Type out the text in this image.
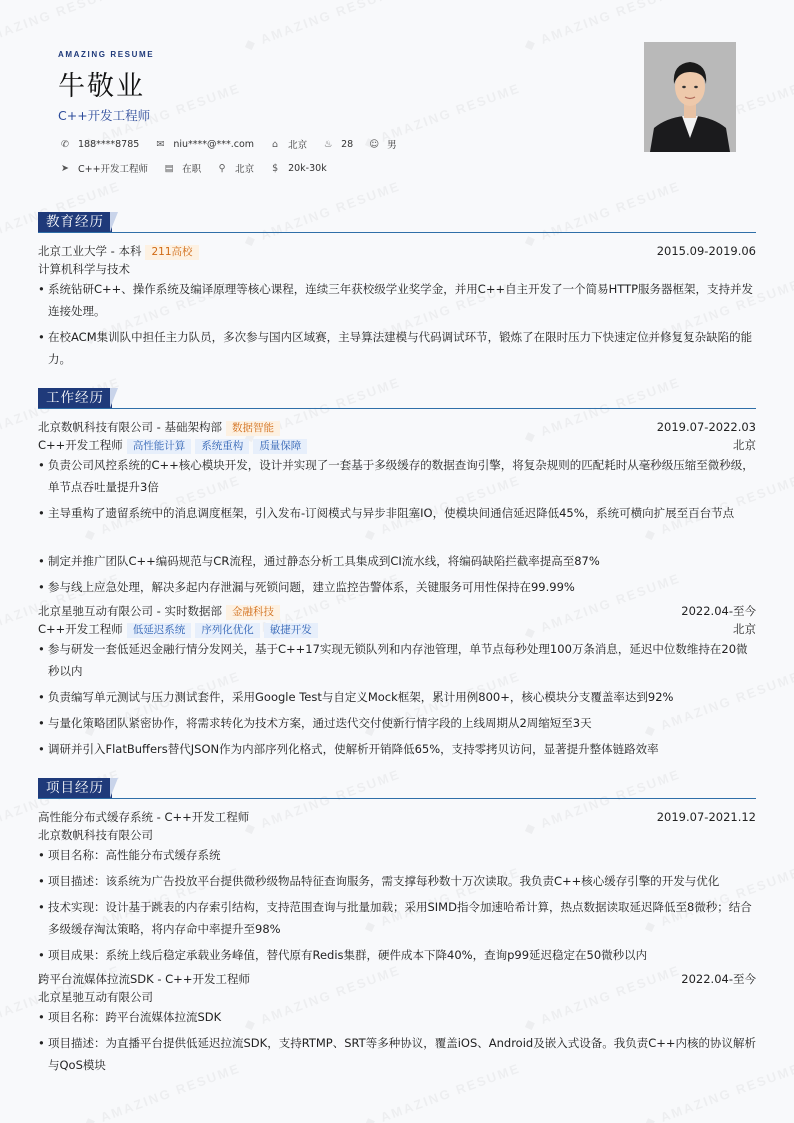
AMAZING RESUME
牛敬业
C++开发工程师
✆ 188****8785	✉ niu****@***.com	⌂	北京 ♨ 28 ☺ 男
➤ C++开发工程师 ▤ 在职	⚲	北京	$	20k-30k
教育经历
北京工业大学 - 本科 211高校	2015.09-2019.06
计算机科学与技术
• 系统钻研C++、操作系统及编译原理等核心课程，连续三年获校级学业奖学金，并用C++自主开发了一个简易HTTP服务器框架，支持并发连接处理。
• 在校ACM集训队中担任主力队员，多次参与国内区域赛，主导算法建模与代码调试环节，锻炼了在限时压力下快速定位并修复复杂缺陷的能力。
工作经历
北京数帆科技有限公司 - 基础架构部 数据智能	2019.07-2022.03
C++开发工程师 高性能计算 系统重构 质量保障	北京
• 负责公司风控系统的C++核心模块开发，设计并实现了一套基于多级缓存的数据查询引擎，将复杂规则的匹配耗时从毫秒级压缩至微秒级，单节点吞吐量提升3倍
• 主导重构了遗留系统中的消息调度框架，引入发布-订阅模式与异步非阻塞IO，使模块间通信延迟降低45%，系统可横向扩展至百台节点
• 制定并推广团队C++编码规范与CR流程，通过静态分析工具集成到CI流水线，将编码缺陷拦截率提高至87%
• 参与线上应急处理，解决多起内存泄漏与死锁问题，建立监控告警体系，关键服务可用性保持在99.99%
北京星驰互动有限公司 - 实时数据部 金融科技	2022.04-至今
C++开发工程师 低延迟系统 序列化优化 敏捷开发	北京
• 参与研发一套低延迟金融行情分发网关，基于C++17实现无锁队列和内存池管理，单节点每秒处理100万条消息，延迟中位数维持在20微秒以内
• 负责编写单元测试与压力测试套件，采用Google Test与自定义Mock框架，累计用例800+，核心模块分支覆盖率达到92%
• 与量化策略团队紧密协作，将需求转化为技术方案，通过迭代交付使新行情字段的上线周期从2周缩短至3天
• 调研并引入FlatBuffers替代JSON作为内部序列化格式，使解析开销降低65%，支持零拷贝访问，显著提升整体链路效率
项目经历
高性能分布式缓存系统 - C++开发工程师	2019.07-2021.12
北京数帆科技有限公司
• 项目名称：高性能分布式缓存系统
• 项目描述：该系统为广告投放平台提供微秒级物品特征查询服务，需支撑每秒数十万次读取。我负责C++核心缓存引擎的开发与优化
• 技术实现：设计基于跳表的内存索引结构，支持范围查询与批量加载；采用SIMD指令加速哈希计算，热点数据读取延迟降低至8微秒；结合多级缓存淘汰策略，将内存命中率提升至98%
• 项目成果：系统上线后稳定承载业务峰值，替代原有Redis集群，硬件成本下降40%，查询p99延迟稳定在50微秒以内
跨平台流媒体拉流SDK - C++开发工程师	2022.04-至今
北京星驰互动有限公司
• 项目名称：跨平台流媒体拉流SDK
• 项目描述：为直播平台提供低延迟拉流SDK，支持RTMP、SRT等多种协议，覆盖iOS、Android及嵌入式设备。我负责C++内核的协议解析与QoS模块
